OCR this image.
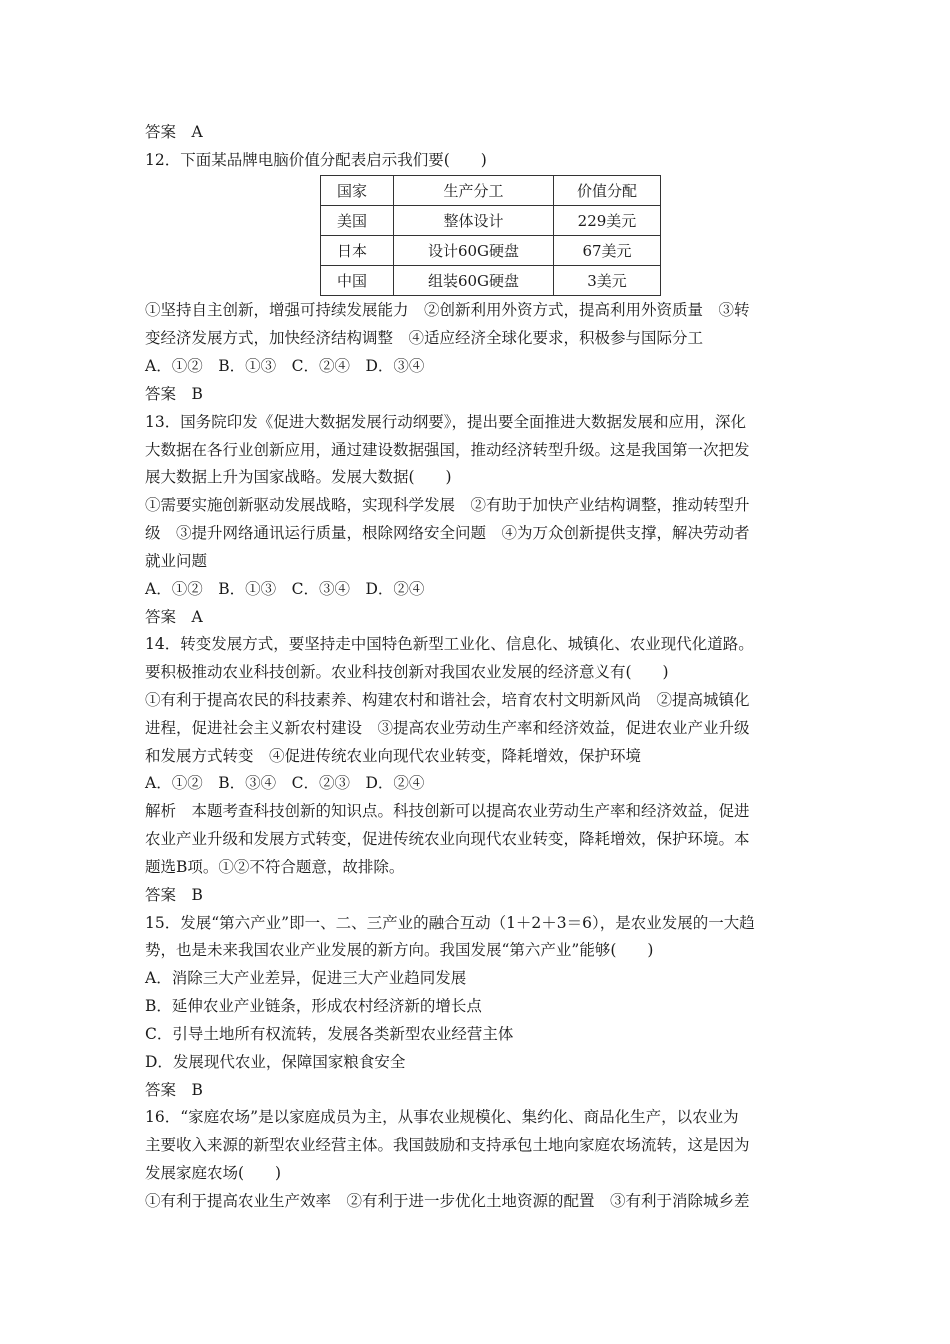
答案　A
12．下面某品牌电脑价值分配表启示我们要(　　)
国家	生产分工	价值分配
美国	整体设计	229美元
日本	设计60G硬盘	67美元
中国	组装60G硬盘	3美元
①坚持自主创新，增强可持续发展能力　②创新利用外资方式，提高利用外资质量　③转
变经济发展方式，加快经济结构调整　④适应经济全球化要求，积极参与国际分工
A．①②　B．①③　C．②④　D．③④
答案　B
13．国务院印发《促进大数据发展行动纲要》，提出要全面推进大数据发展和应用，深化
大数据在各行业创新应用，通过建设数据强国，推动经济转型升级。这是我国第一次把发
展大数据上升为国家战略。发展大数据(　　)
①需要实施创新驱动发展战略，实现科学发展　②有助于加快产业结构调整，推动转型升
级　③提升网络通讯运行质量，根除网络安全问题　④为万众创新提供支撑，解决劳动者
就业问题
A．①②　B．①③　C．③④　D．②④
答案　A
14．转变发展方式，要坚持走中国特色新型工业化、信息化、城镇化、农业现代化道路。
要积极推动农业科技创新。农业科技创新对我国农业发展的经济意义有(　　)
①有利于提高农民的科技素养、构建农村和谐社会，培育农村文明新风尚　②提高城镇化
进程，促进社会主义新农村建设　③提高农业劳动生产率和经济效益，促进农业产业升级
和发展方式转变　④促进传统农业向现代农业转变，降耗增效，保护环境
A．①②　B．③④　C．②③　D．②④
解析　本题考查科技创新的知识点。科技创新可以提高农业劳动生产率和经济效益，促进
农业产业升级和发展方式转变，促进传统农业向现代农业转变，降耗增效，保护环境。本
题选B项。①②不符合题意，故排除。
答案　B
15．发展“第六产业”即一、二、三产业的融合互动（1＋2＋3＝6），是农业发展的一大趋
势，也是未来我国农业产业发展的新方向。我国发展“第六产业”能够(　　)
A．消除三大产业差异，促进三大产业趋同发展
B．延伸农业产业链条，形成农村经济新的增长点
C．引导土地所有权流转，发展各类新型农业经营主体
D．发展现代农业，保障国家粮食安全
答案　B
16．“家庭农场”是以家庭成员为主，从事农业规模化、集约化、商品化生产，以农业为
主要收入来源的新型农业经营主体。我国鼓励和支持承包土地向家庭农场流转，这是因为
发展家庭农场(　　)
①有利于提高农业生产效率　②有利于进一步优化土地资源的配置　③有利于消除城乡差
